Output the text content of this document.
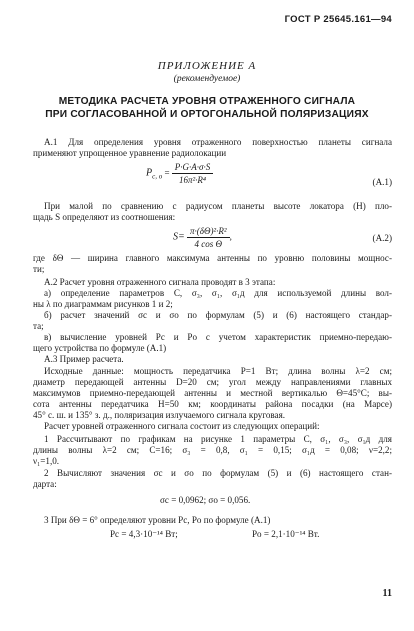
ГОСТ Р 25645.161—94
ПРИЛОЖЕНИЕ А
(рекомендуемое)
МЕТОДИКА РАСЧЕТА УРОВНЯ ОТРАЖЕННОГО СИГНАЛА
ПРИ СОГЛАСОВАННОЙ И ОРТОГОНАЛЬНОЙ ПОЛЯРИЗАЦИЯХ
А.1 Для определения уровня отраженного поверхностью планеты сигнала
применяют упрощенное уравнение радиолокации
$P_{c, o} = \frac{P\cdot G\cdot A\cdot\sigma\cdot S}{\text{16π²·R⁴}}$	(А.1)
При малой по сравнению с радиусом планеты высоте локатора (H) пло-
щадь S определяют из соотношения:
$S= \frac{\text{π·(δΘ)²·R²}}{\text{4 cos Θ}}$ ,	(А.2)
где δΘ — ширина главного максимума антенны по уровню половины мощнос-
ти;
А.2 Расчет уровня отраженного сигнала проводят в 3 этапа:
а) определение параметров C, σ₃, σ₁, σ₁д для используемой длины вол-
ны λ по диаграммам рисунков 1 и 2;
б) расчет значений σc и σo по формулам (5) и (6) настоящего стандар-
та;
в) вычисление уровней Pc и Po с учетом характеристик приемно-передаю-
щего устройства по формуле (А.1)
А.3 Пример расчета.
Исходные данные: мощность передатчика P=1 Вт; длина волны λ=2 см;
диаметр передающей антенны D=20 см; угол между направлениями главных
максимумов приемно-передающей антенны и местной вертикалью Θ=45°C; вы-
сота антенны передатчика H=50 км; координаты района посадки (на Марсе)
45° с. ш. и 135° з. д., поляризация излучаемого сигнала круговая.
Расчет уровней отраженного сигнала состоит из следующих операций:
1 Рассчитывают по графикам на рисунке 1 параметры C, σ₁, σ₃, σ₁д для
длины волны λ=2 см; C=16; σ₃ = 0,8, σ₁ = 0,15; σ₁д = 0,08; ν=2,2;
ν₁=1,0.
2 Вычисляют значения σc и σo по формулам (5) и (6) настоящего стан-
дарта:
σc = 0,0962; σo = 0,056.
3 При δΘ = 6° определяют уровни Pc, Po по формуле (А.1)
Pc = 4,3·10⁻¹⁴ Вт;	Po = 2,1·10⁻¹⁴ Вт.
11
